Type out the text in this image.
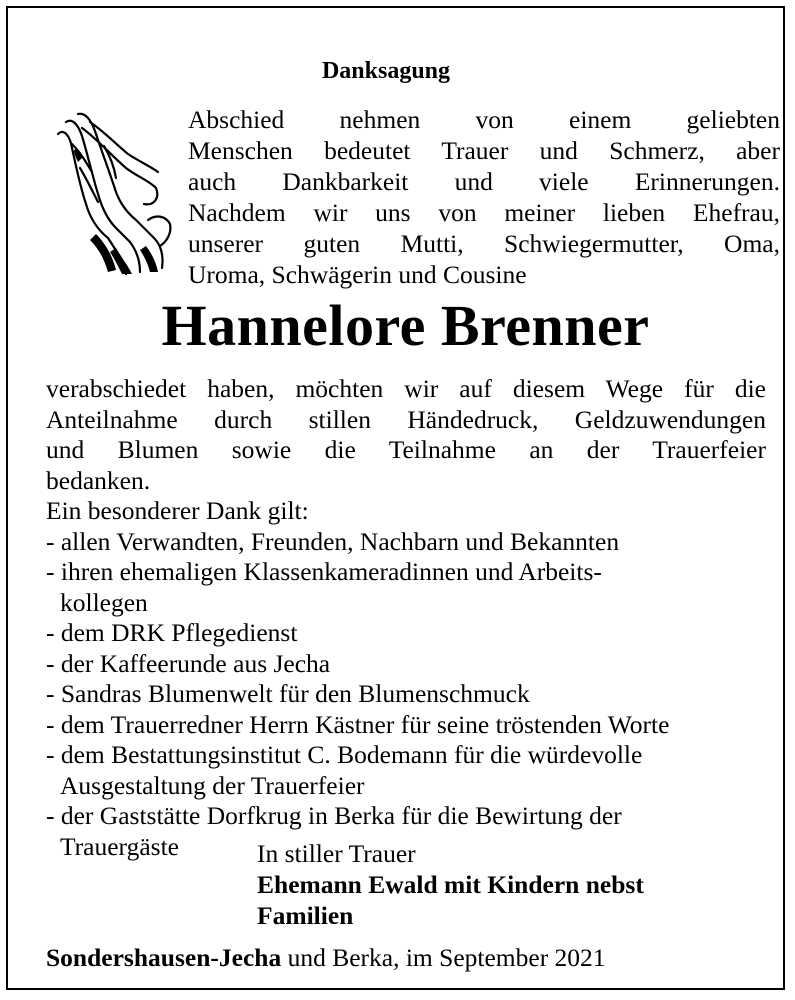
Danksagung
Abschied nehmen von einem geliebten
Menschen bedeutet Trauer und Schmerz, aber
auch Dankbarkeit und viele Erinnerungen.
Nachdem wir uns von meiner lieben Ehefrau,
unserer guten Mutti, Schwiegermutter, Oma,
Uroma, Schwägerin und Cousine
Hannelore Brenner
verabschiedet haben, möchten wir auf diesem Wege für die
Anteilnahme durch stillen Händedruck, Geldzuwendungen
und Blumen sowie die Teilnahme an der Trauerfeier
bedanken.
Ein besonderer Dank gilt:
- allen Verwandten, Freunden, Nachbarn und Bekannten
- ihren ehemaligen Klassenkameradinnen und Arbeits-
kollegen
- dem DRK Pflegedienst
- der Kaffeerunde aus Jecha
- Sandras Blumenwelt für den Blumenschmuck
- dem Trauerredner Herrn Kästner für seine tröstenden Worte
- dem Bestattungsinstitut C. Bodemann für die würdevolle
Ausgestaltung der Trauerfeier
- der Gaststätte Dorfkrug in Berka für die Bewirtung der
Trauergäste	In stiller Trauer
Ehemann Ewald mit Kindern nebst
Familien
Sondershausen-Jecha und Berka, im September 2021
